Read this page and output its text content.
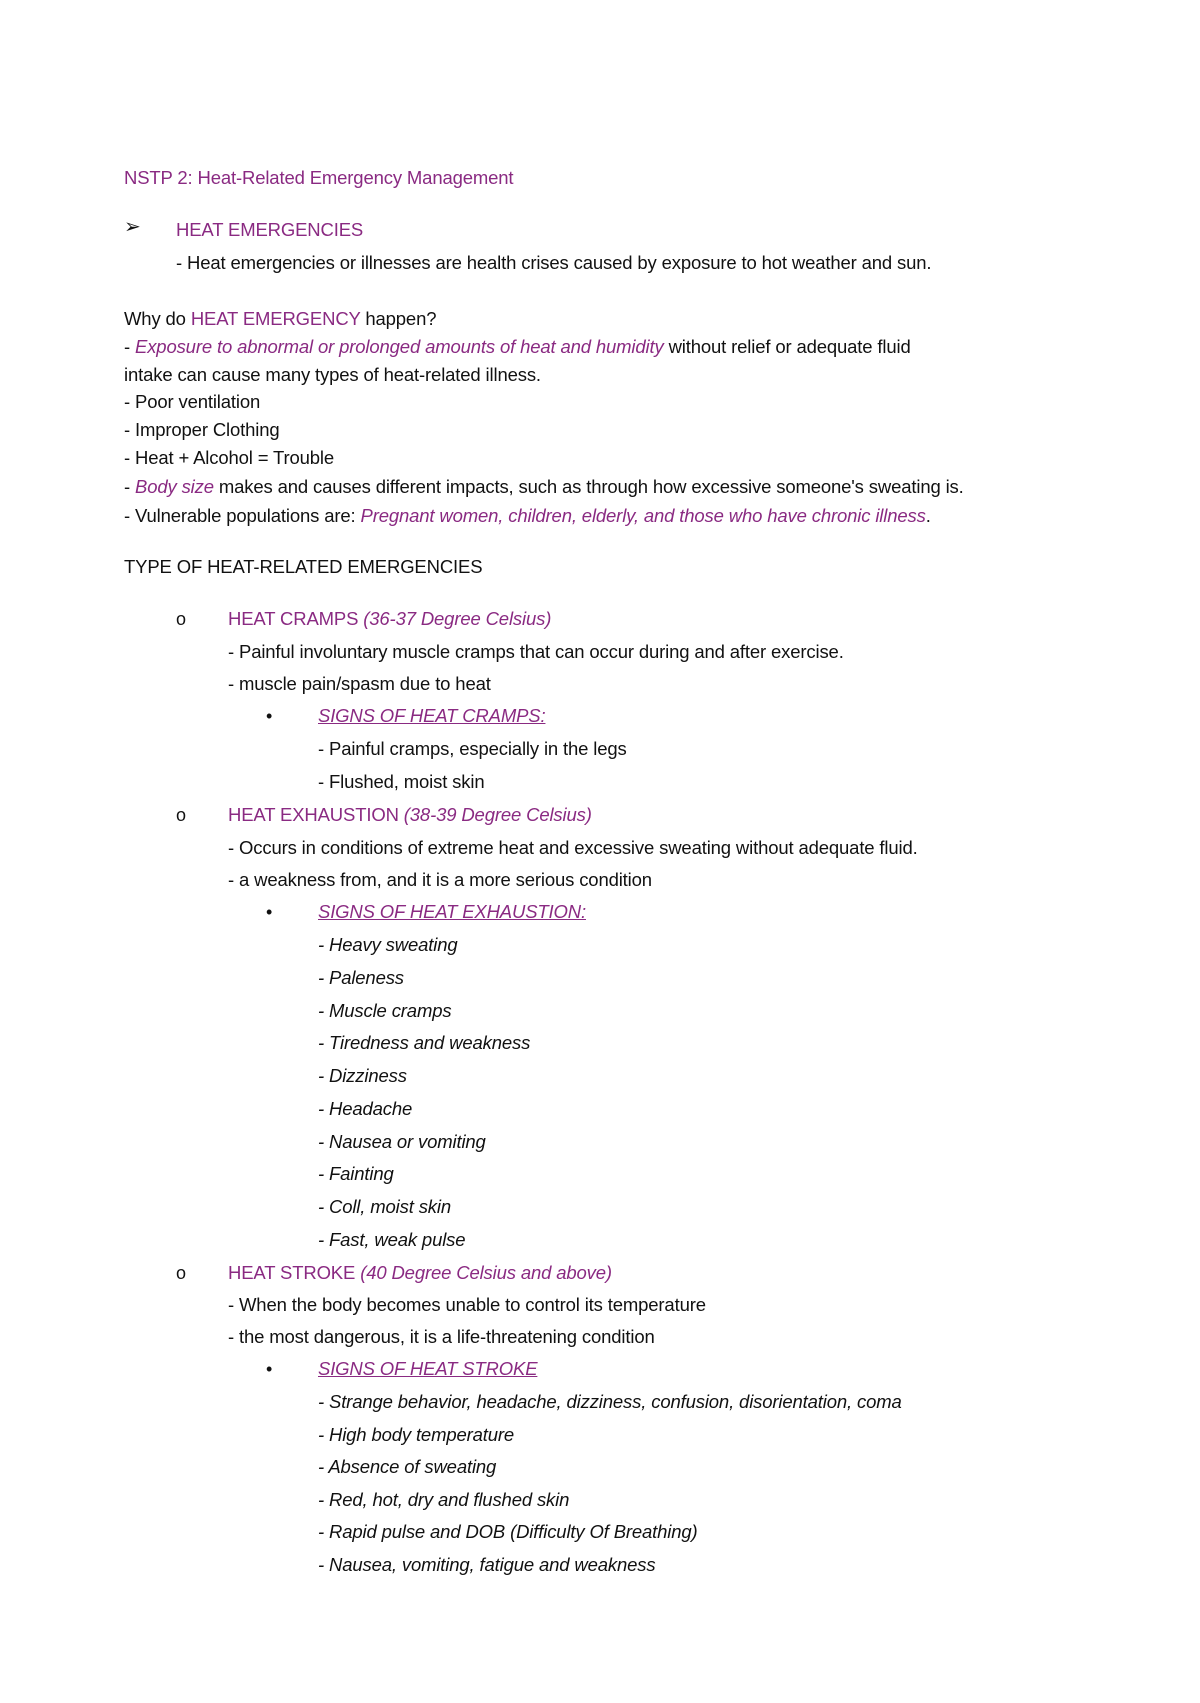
NSTP 2: Heat-Related Emergency Management
➢ HEAT EMERGENCIES
- Heat emergencies or illnesses are health crises caused by exposure to hot weather and sun.
Why do HEAT EMERGENCY happen?
- Exposure to abnormal or prolonged amounts of heat and humidity without relief or adequate fluid
intake can cause many types of heat-related illness.
- Poor ventilation
- Improper Clothing
- Heat + Alcohol = Trouble
- Body size makes and causes different impacts, such as through how excessive someone's sweating is.
- Vulnerable populations are: Pregnant women, children, elderly, and those who have chronic illness.
TYPE OF HEAT-RELATED EMERGENCIES
o HEAT CRAMPS (36-37 Degree Celsius)
- Painful involuntary muscle cramps that can occur during and after exercise.
- muscle pain/spasm due to heat
• SIGNS OF HEAT CRAMPS:
- Painful cramps, especially in the legs
- Flushed, moist skin
o HEAT EXHAUSTION (38-39 Degree Celsius)
- Occurs in conditions of extreme heat and excessive sweating without adequate fluid.
- a weakness from, and it is a more serious condition
• SIGNS OF HEAT EXHAUSTION:
- Heavy sweating
- Paleness
- Muscle cramps
- Tiredness and weakness
- Dizziness
- Headache
- Nausea or vomiting
- Fainting
- Coll, moist skin
- Fast, weak pulse
o HEAT STROKE (40 Degree Celsius and above)
- When the body becomes unable to control its temperature
- the most dangerous, it is a life-threatening condition
• SIGNS OF HEAT STROKE
- Strange behavior, headache, dizziness, confusion, disorientation, coma
- High body temperature
- Absence of sweating
- Red, hot, dry and flushed skin
- Rapid pulse and DOB (Difficulty Of Breathing)
- Nausea, vomiting, fatigue and weakness
